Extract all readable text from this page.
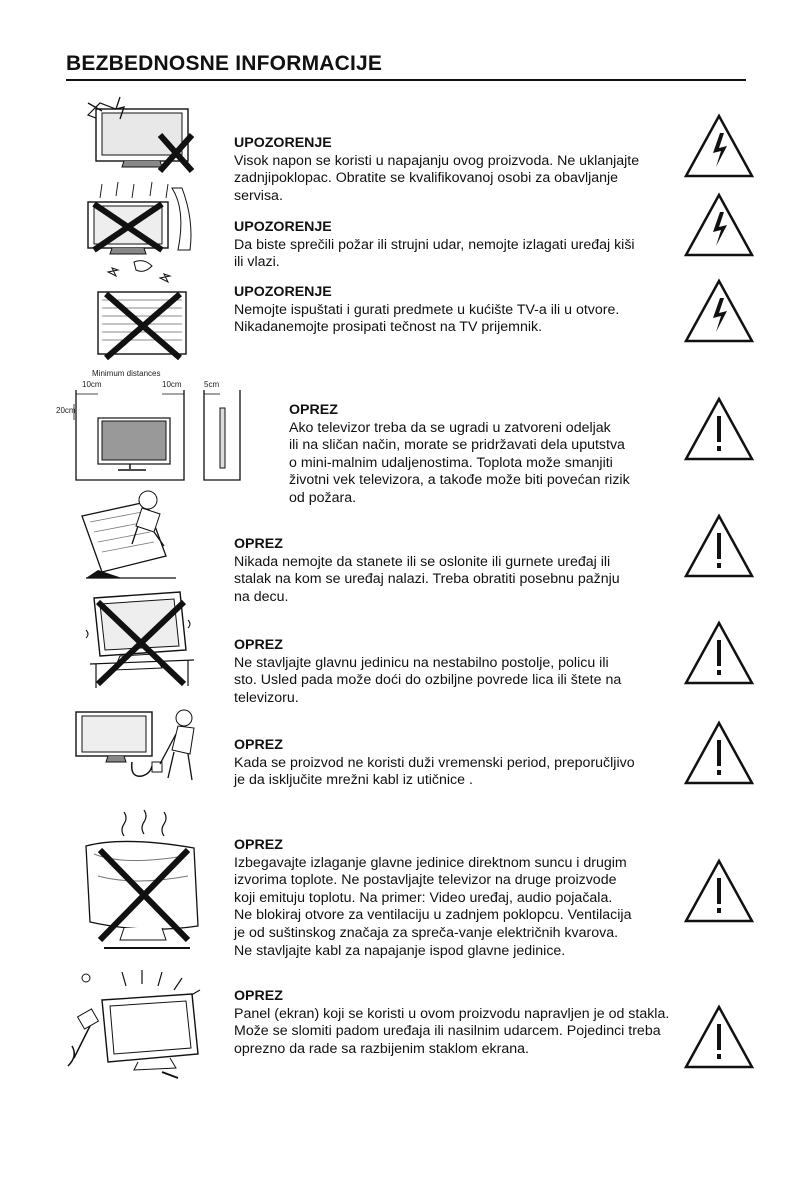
BEZBEDNOSNE INFORMACIJE
UPOZORENJE

Visok napon se koristi u napajanju ovog proizvoda. Ne uklanjajte
zadnjipoklopac. Obratite se kvalifikovanoj osobi za obavljanje
servisa.

UPOZORENJE

Da biste sprečili požar ili strujni udar, nemojte izlagati uređaj kiši
ili vlazi.

UPOZORENJE

Nemojte ispuštati i gurati predmete u kućište TV-a ili u otvore.
Nikadanemojte prosipati tečnost na TV prijemnik.

Minimum distances
10cm	10cm	5cm
20cm	OPREZ

Ako televizor treba da se ugradi u zatvoreni odeljak
ili na sličan način, morate se pridržavati dela uputstva
o mini-malnim udaljenostima. Toplota može smanjiti
životni vek televizora, a takođe može biti povećan rizik
od požara.

OPREZ

Nikada nemojte da stanete ili se oslonite ili gurnete uređaj ili
stalak na kom se uređaj nalazi. Treba obratiti posebnu pažnju
na decu.

OPREZ

Ne stavljajte glavnu jedinicu na nestabilno postolje, policu ili
sto. Usled pada može doći do ozbiljne povrede lica ili štete na
televizoru.

OPREZ

Kada se proizvod ne koristi duži vremenski period, preporučljivo
je da isključite mrežni kabl iz utičnice .

OPREZ

Izbegavajte izlaganje glavne jedinice direktnom suncu i drugim
izvorima toplote. Ne postavljajte televizor na druge proizvode
koji emituju toplotu. Na primer: Video uređaj, audio pojačala.
Ne blokiraj otvore za ventilaciju u zadnjem poklopcu. Ventilacija
je od suštinskog značaja za spreča-vanje električnih kvarova.
Ne stavljajte kabl za napajanje ispod glavne jedinice.

OPREZ

Panel (ekran) koji se koristi u ovom proizvodu napravljen je od stakla.
Može se slomiti padom uređaja ili nasilnim udarcem. Pojedinci treba
oprezno da rade sa razbijenim staklom ekrana.
